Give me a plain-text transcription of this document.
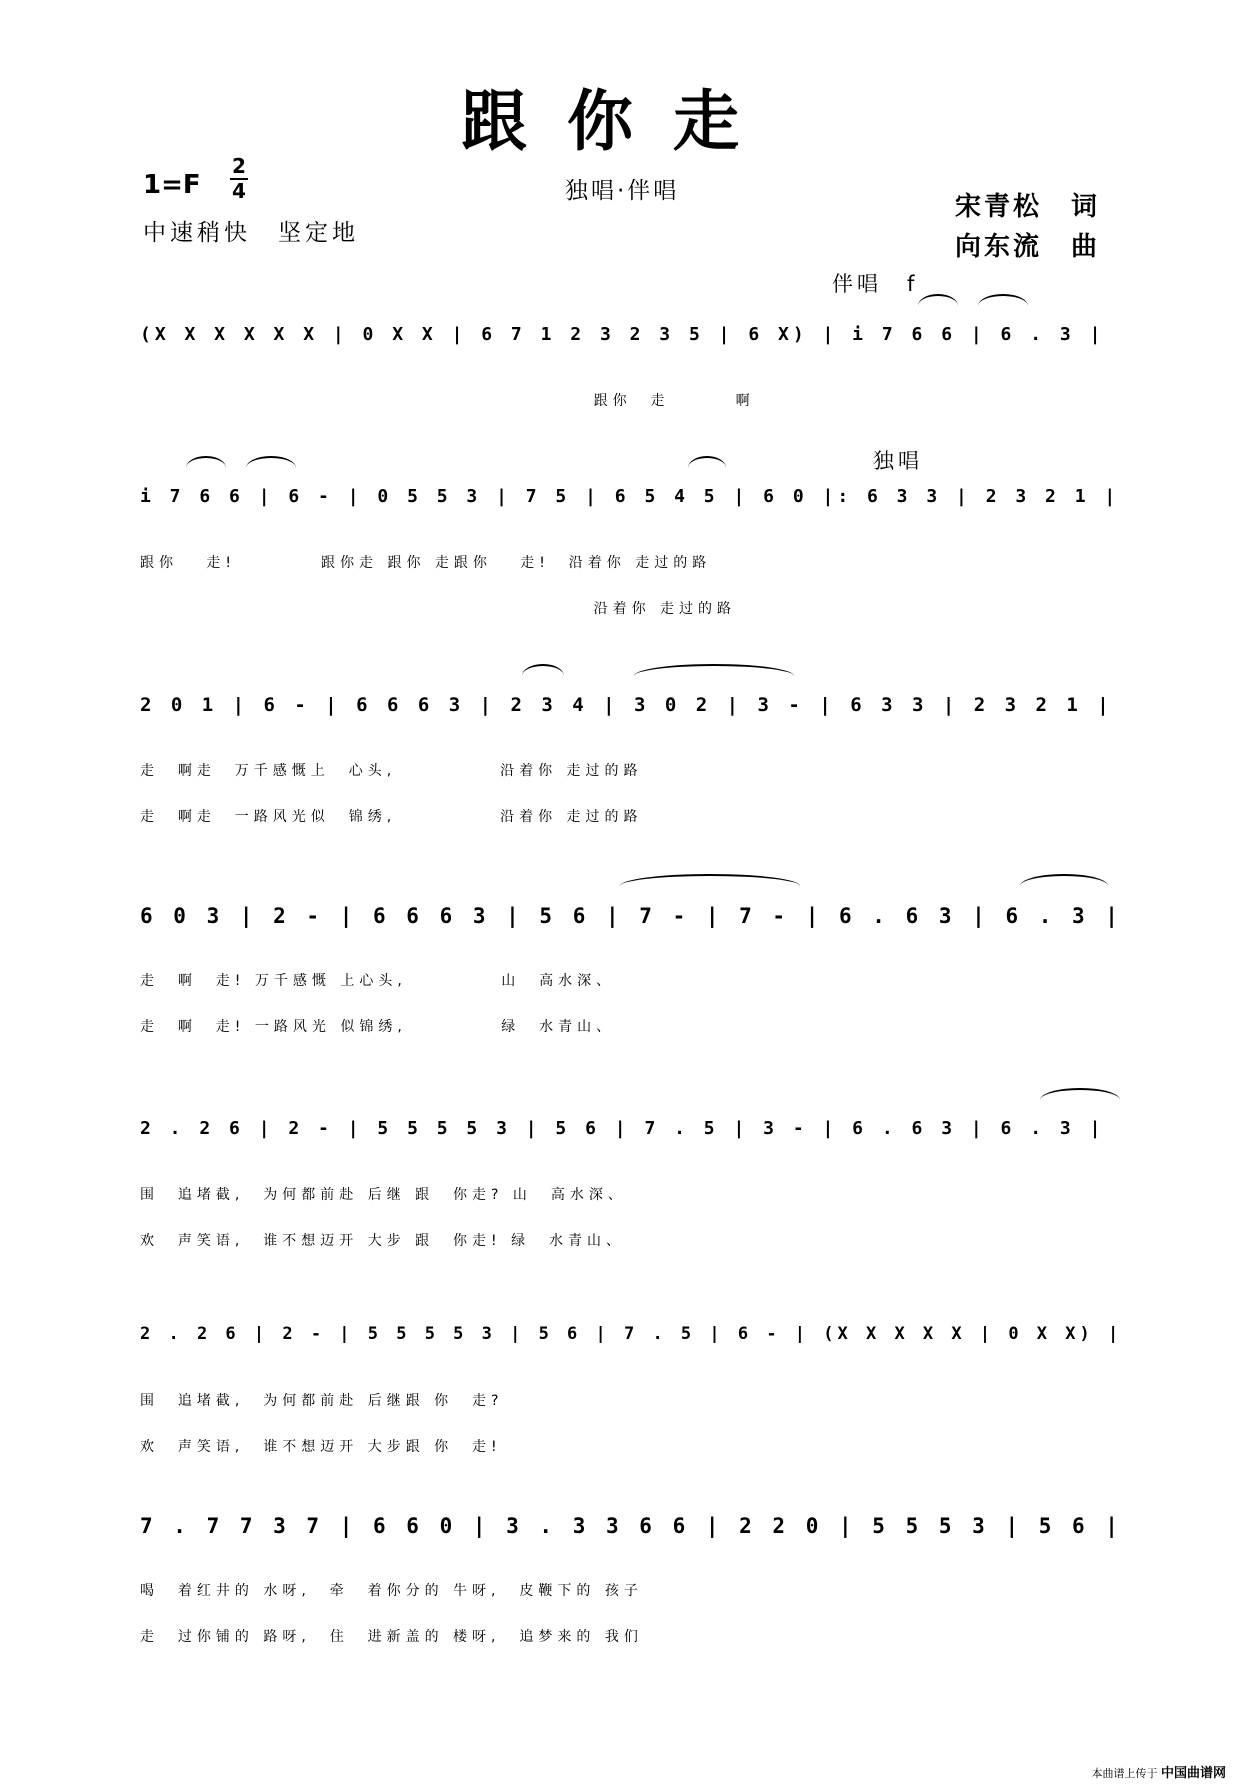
跟你走
1=F
2
4
中速稍快　坚定地
独唱·伴唱
宋青松　词
向东流　曲
伴唱　f
独唱
(X X X X X X | 0 X X | 6 7 1 2 3 2 3 5 | 6 X) | i 7 6 6 | 6 . 3 |
跟你  走       啊
i 7 6 6 | 6 - | 0 5 5 3 | 7 5 | 6 5 4 5 | 6 0 |: 6 3 3 | 2 3 2 1 |
跟你   走!         跟你走 跟你 走跟你   走!  沿着你 走过的路
沿着你 走过的路
2 0 1 | 6 - | 6 6 6 3 | 2 3 4 | 3 0 2 | 3 - | 6 3 3 | 2 3 2 1 |
走  啊走  万千感慨上  心头,           沿着你 走过的路
走  啊走  一路风光似  锦绣,           沿着你 走过的路
6 0 3 | 2 - | 6 6 6 3 | 5 6 | 7 - | 7 - | 6 . 6 3 | 6 . 3 |
走  啊  走! 万千感慨 上心头,          山  高水深、
走  啊  走! 一路风光 似锦绣,          绿  水青山、
2 . 2 6 | 2 - | 5 5 5 5 3 | 5 6 | 7 . 5 | 3 - | 6 . 6 3 | 6 . 3 |
围  追堵截,  为何都前赴 后继 跟  你走? 山  高水深、
欢  声笑语,  谁不想迈开 大步 跟  你走! 绿  水青山、
2 . 2 6 | 2 - | 5 5 5 5 3 | 5 6 | 7 . 5 | 6 - | (X X X X X | 0 X X) |
围  追堵截,  为何都前赴 后继跟 你  走?
欢  声笑语,  谁不想迈开 大步跟 你  走!
7 . 7 7 3 7 | 6 6 0 | 3 . 3 3 6 6 | 2 2 0 | 5 5 5 3 | 5 6 |
喝  着红井的 水呀,  牵  着你分的 牛呀,  皮鞭下的 孩子
走  过你铺的 路呀,  住  进新盖的 楼呀,  追梦来的 我们
本曲谱上传于 中国曲谱网
